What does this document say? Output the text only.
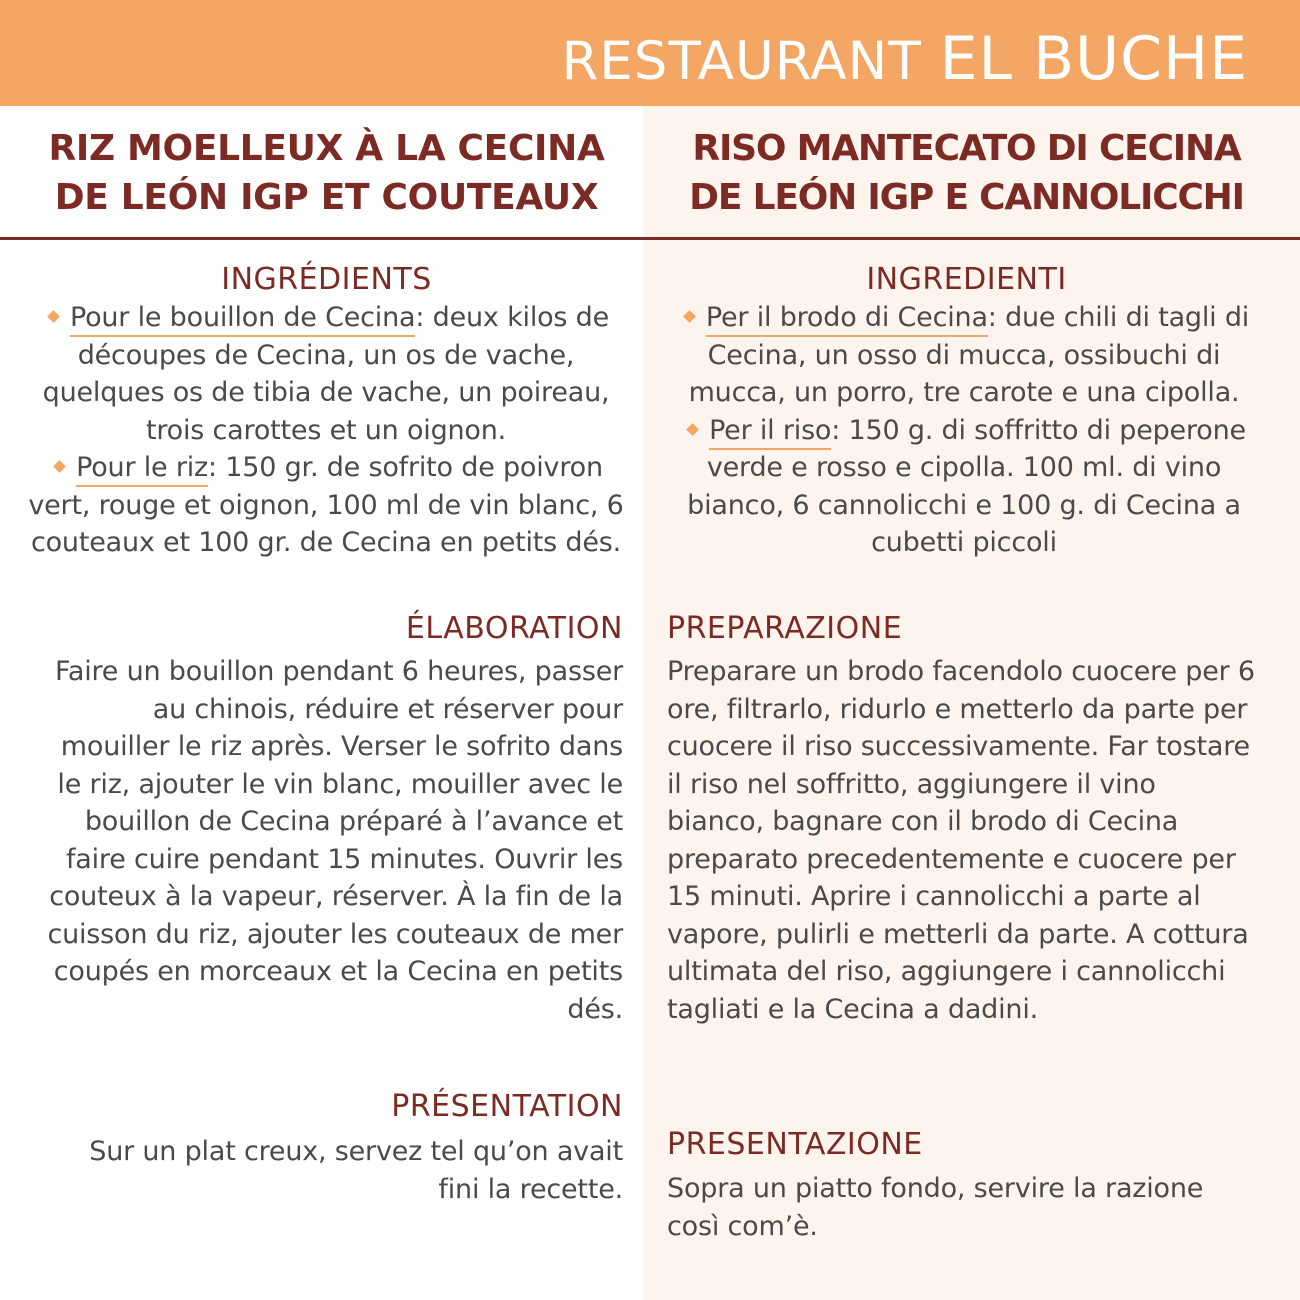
RESTAURANT EL BUCHE
RIZ MOELLEUX À LA CECINA
DE LEÓN IGP ET COUTEAUX
RISO MANTECATO DI CECINA
DE LEÓN IGP E CANNOLICCHI
INGRÉDIENTS

Pour le bouillon de Cecina: deux kilos de découpes de Cecina, un os de vache, quelques os de tibia de vache, un poireau, trois carottes et un oignon.

Pour le riz: 150 gr. de sofrito de poivron vert, rouge et oignon, 100 ml de vin blanc, 6 couteaux et 100 gr. de Cecina en petits dés.

ÉLABORATION
Faire un bouillon pendant 6 heures, passer au chinois, réduire et réserver pour mouiller le riz après. Verser le sofrito dans le riz, ajouter le vin blanc, mouiller avec le bouillon de Cecina préparé à l’avance et faire cuire pendant 15 minutes. Ouvrir les couteux à la vapeur, réserver. À la fin de la cuisson du riz, ajouter les couteaux de mer coupés en morceaux et la Cecina en petits dés.
PRÉSENTATION
Sur un plat creux, servez tel qu’on avait fini la recette.
INGREDIENTI

Per il brodo di Cecina: due chili di tagli di Cecina, un osso di mucca, ossibuchi di mucca, un porro, tre carote e una cipolla.

Per il riso: 150 g. di soffritto di peperone verde e rosso e cipolla. 100 ml. di vino bianco, 6 cannolicchi e 100 g. di Cecina a cubetti piccoli

PREPARAZIONE
Preparare un brodo facendolo cuocere per 6 ore, filtrarlo, ridurlo e metterlo da parte per cuocere il riso successivamente. Far tostare il riso nel soffritto, aggiungere il vino bianco, bagnare con il brodo di Cecina preparato precedentemente e cuocere per 15 minuti. Aprire i cannolicchi a parte al vapore, pulirli e metterli da parte. A cottura ultimata del riso, aggiungere i cannolicchi tagliati e la Cecina a dadini.
PRESENTAZIONE
Sopra un piatto fondo, servire la razione così com’è.
